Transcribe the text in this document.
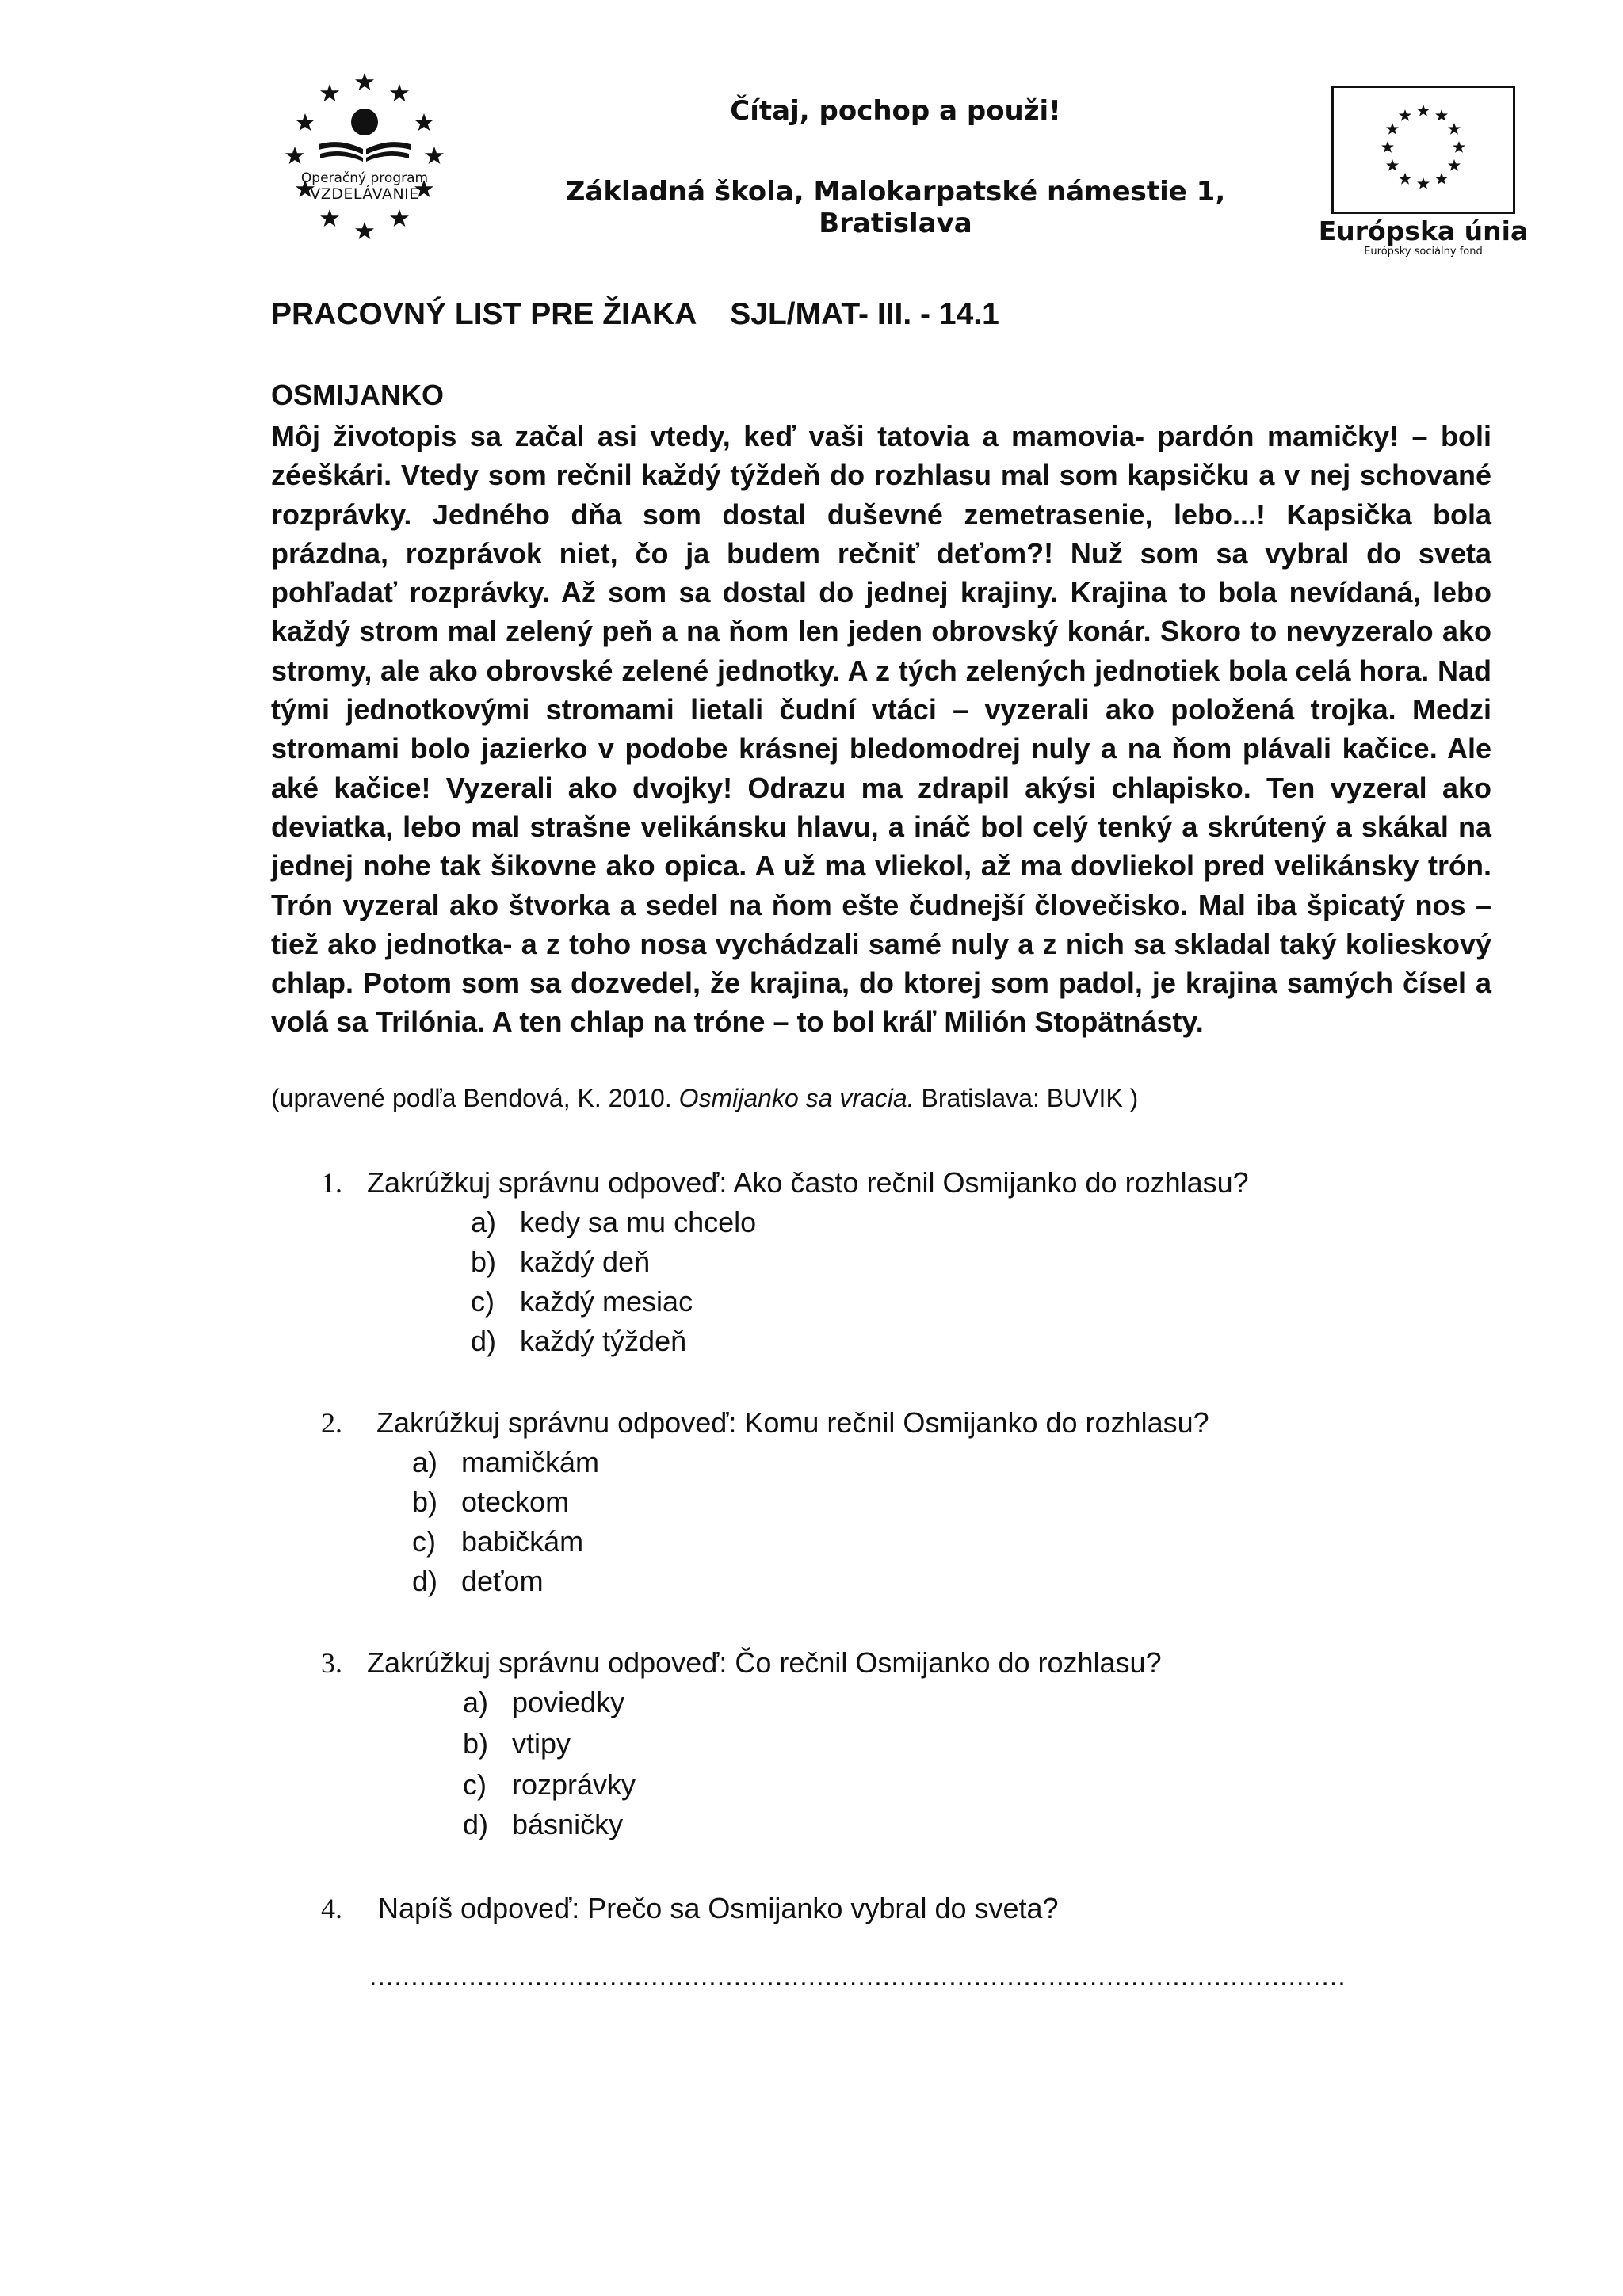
Operačný program
VZDELÁVANIE
Čítaj, pochop a použi!
Základná škola, Malokarpatské námestie 1, Bratislava	Európska únia
Európsky sociálny fond
PRACOVNÝ LIST PRE ŽIAKA    SJL/MAT- III. - 14.1
OSMIJANKO
Môj životopis sa začal asi vtedy, keď vaši tatovia a mamovia- pardón mamičky! – boli zéeškári. Vtedy som rečnil každý týždeň do rozhlasu mal som kapsičku a v nej schované rozprávky. Jedného dňa som dostal duševné zemetrasenie, lebo...! Kapsička bola prázdna, rozprávok niet, čo ja budem rečniť deťom?! Nuž som sa vybral do sveta pohľadať rozprávky. Až som sa dostal do jednej krajiny. Krajina to bola nevídaná, lebo každý strom mal zelený peň a na ňom len jeden obrovský konár. Skoro to nevyzeralo ako stromy, ale ako obrovské zelené jednotky. A z tých zelených jednotiek bola celá hora. Nad tými jednotkovými stromami lietali čudní vtáci – vyzerali ako položená trojka. Medzi stromami bolo jazierko v podobe krásnej bledomodrej nuly a na ňom plávali kačice. Ale aké kačice! Vyzerali ako dvojky! Odrazu ma zdrapil akýsi chlapisko. Ten vyzeral ako deviatka, lebo mal strašne velikánsku hlavu, a ináč bol celý tenký a skrútený a skákal na jednej nohe tak šikovne ako opica. A už ma vliekol, až ma dovliekol pred velikánsky trón. Trón vyzeral ako štvorka a sedel na ňom ešte čudnejší človečisko. Mal iba špicatý nos – tiež ako jednotka- a z toho nosa vychádzali samé nuly a z nich sa skladal taký kolieskový chlap. Potom som sa dozvedel, že krajina, do ktorej som padol, je krajina samých čísel a volá sa Trilónia. A ten chlap na tróne – to bol kráľ Milión Stopätnásty.
(upravené podľa Bendová, K. 2010. Osmijanko sa vracia. Bratislava: BUVIK )
1. Zakrúžkuj správnu odpoveď: Ako často rečnil Osmijanko do rozhlasu?
a) kedy sa mu chcelo
b) každý deň
c) každý mesiac
d) každý týždeň
2. Zakrúžkuj správnu odpoveď: Komu rečnil Osmijanko do rozhlasu?
a) mamičkám
b) oteckom
c) babičkám
d) deťom
3. Zakrúžkuj správnu odpoveď: Čo rečnil Osmijanko do rozhlasu?
a) poviedky
b) vtipy
c) rozprávky
d) básničky
4. Napíš odpoveď: Prečo sa Osmijanko vybral do sveta?
......................................................................................................................
